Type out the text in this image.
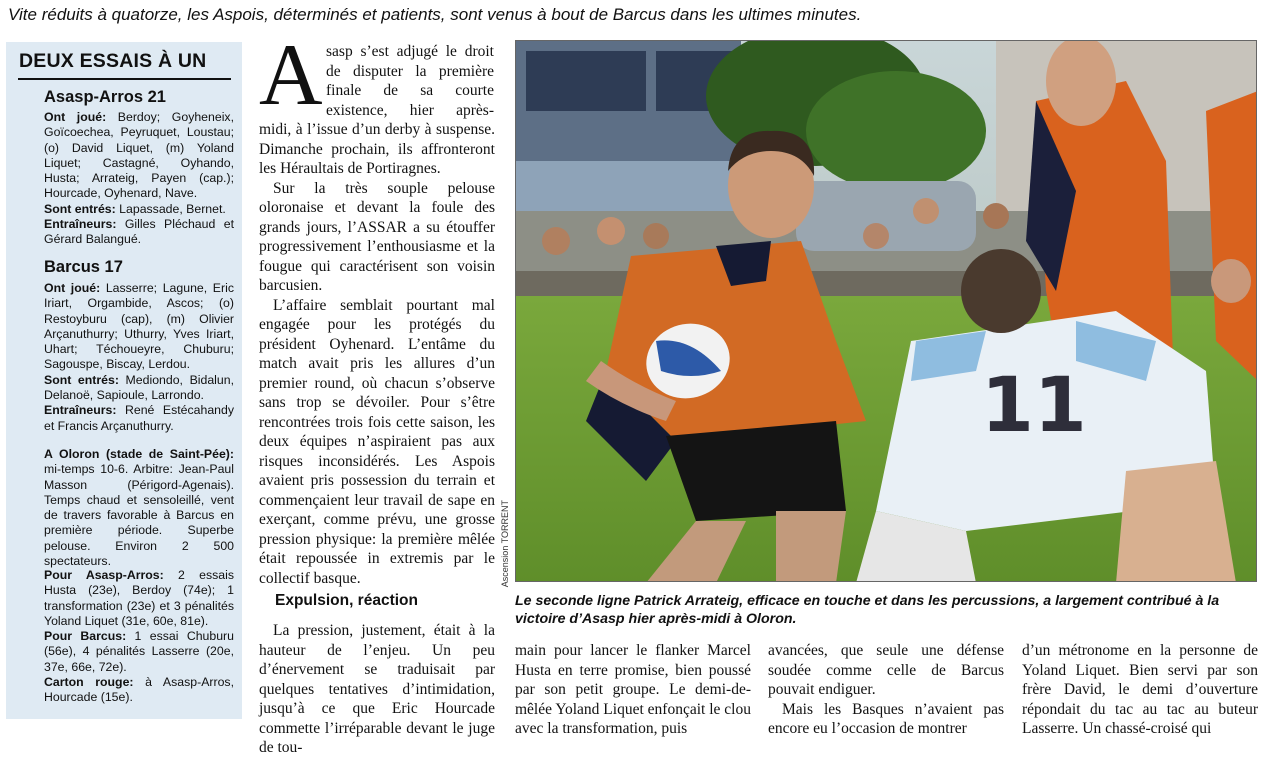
Vite réduits à quatorze, les Aspois, déterminés et patients, sont venus à bout de Barcus dans les ultimes minutes.
DEUX ESSAIS À UN
Asasp-Arros 21

Ont joué: Berdoy; Goyheneix, Goïcoechea, Peyruquet, Loustau; (o) David Liquet, (m) Yoland Liquet; Castagné, Oyhando, Husta; Arrateig, Payen (cap.); Hourcade, Oyhenard, Nave.

Sont entrés: Lapassade, Bernet.

Entraîneurs: Gilles Pléchaud et Gérard Balangué.

Barcus 17

Ont joué: Lasserre; Lagune, Eric Iriart, Orgambide, Ascos; (o) Restoyburu (cap), (m) Olivier Arçanuthurry; Uthurry, Yves Iriart, Uhart; Téchoueyre, Chuburu; Sagouspe, Biscay, Lerdou.

Sont entrés: Mediondo, Bidalun, Delanoë, Sapioule, Larrondo.

Entraîneurs: René Estécahandy et Francis Arçanuthurry.

A Oloron (stade de Saint-Pée): mi-temps 10-6. Arbitre: Jean-Paul Masson (Périgord-Agenais). Temps chaud et sensoleillé, vent de travers favorable à Barcus en première période. Superbe pelouse. Environ 2 500 spectateurs.

Pour Asasp-Arros: 2 essais Husta (23e), Berdoy (74e); 1 transformation (23e) et 3 pénalités Yoland Liquet (31e, 60e, 81e).

Pour Barcus: 1 essai Chuburu (56e), 4 pénalités Lasserre (20e, 37e, 66e, 72e).

Carton rouge: à Asasp-Arros, Hourcade (15e).

A sasp s’est adjugé le droit
de disputer la première
finale de sa courte
existence, hier après-

midi, à l’issue d’un derby à suspense. Dimanche prochain, ils affronteront les Héraultais de Portiragnes.

Sur la très souple pelouse oloronaise et devant la foule des grands jours, l’ASSAR a su étouffer progressivement l’enthousiasme et la fougue qui caractérisent son voisin barcusien.

L’affaire semblait pourtant mal engagée pour les protégés du président Oyhenard. L’entâme du match avait pris les allures d’un premier round, où chacun s’observe sans trop se dévoiler. Pour s’être rencontrées trois fois cette saison, les deux équipes n’aspiraient pas aux risques inconsidérés. Les Aspois avaient pris possession du terrain et commençaient leur travail de sape en exerçant, comme prévu, une grosse pression physique: la première mêlée était repoussée in extremis par le collectif basque.

Expulsion, réaction

La pression, justement, était à la hauteur de l’enjeu. Un peu d’énervement se traduisait par quelques tentatives d’intimidation, jusqu’à ce que Eric Hourcade commette l’irréparable devant le juge de tou-

Ascension TORRENT
11
Le seconde ligne Patrick Arrateig, efficace en touche et dans les percussions, a largement contribué à la victoire d’Asasp hier après-midi à Oloron.

main pour lancer le flanker Marcel Husta en terre promise, bien poussé par son petit groupe. Le demi-de-mêlée Yoland Liquet enfonçait le clou avec la transformation, puis

avancées, que seule une défense soudée comme celle de Barcus pouvait endiguer.

Mais les Basques n’avaient pas encore eu l’occasion de montrer

d’un métronome en la personne de Yoland Liquet. Bien servi par son frère David, le demi d’ouverture répondait du tac au tac au buteur Lasserre. Un chassé-croisé qui
